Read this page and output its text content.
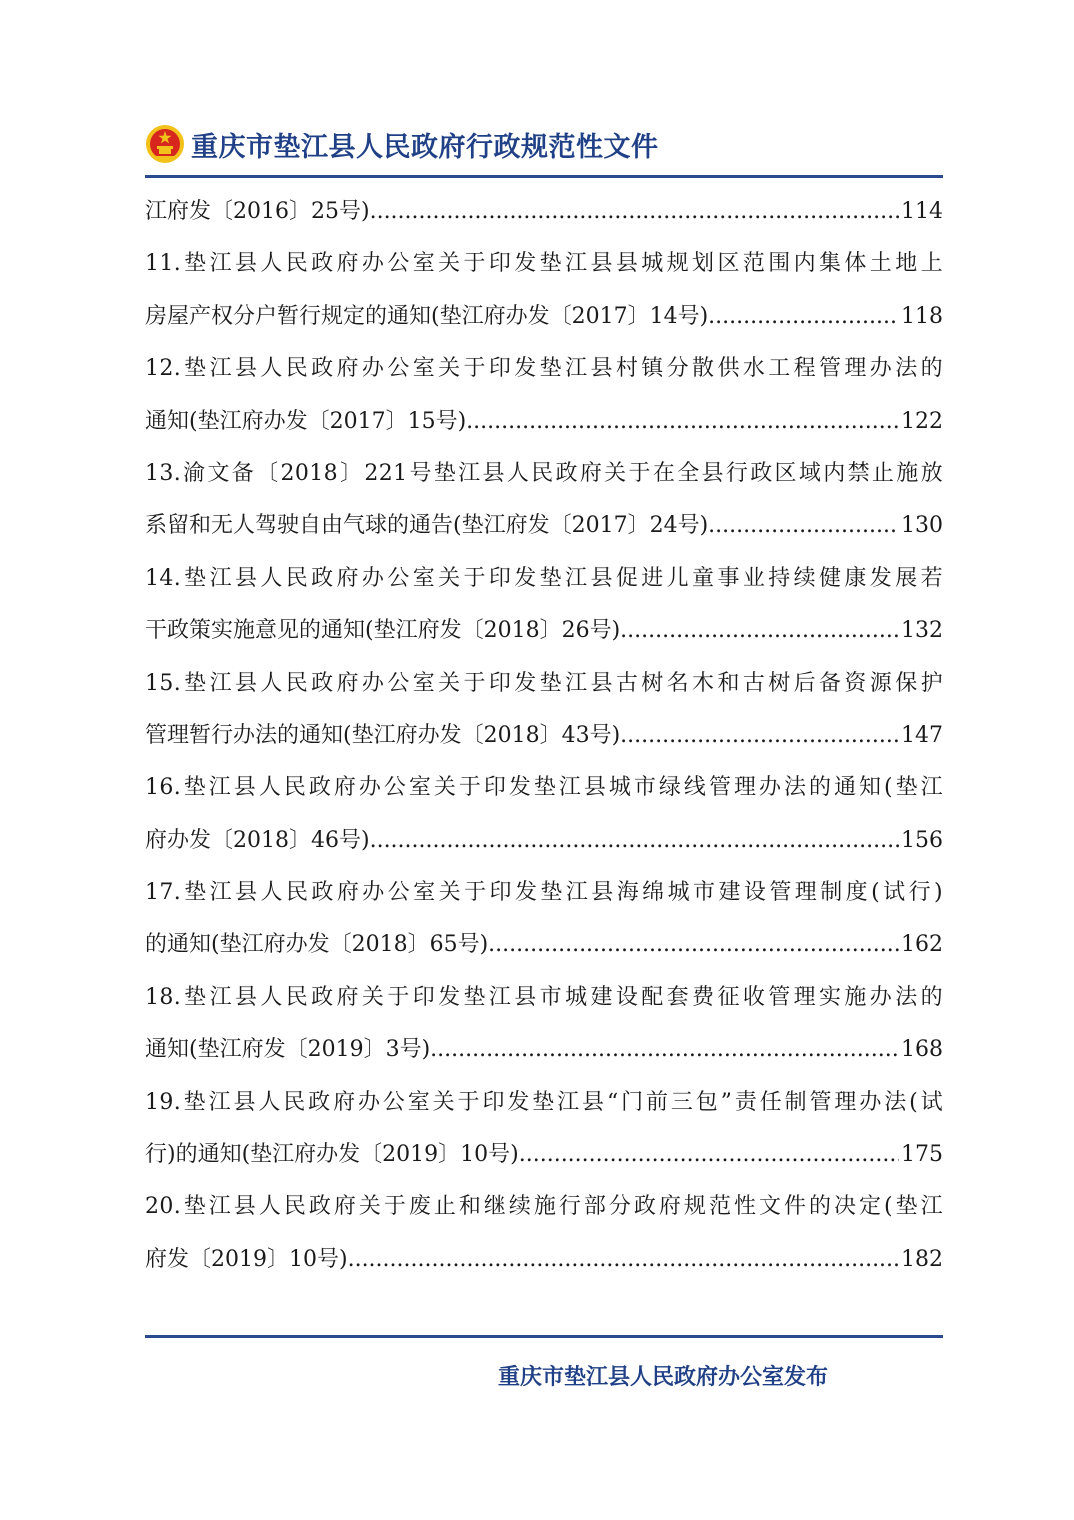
重庆市垫江县人民政府行政规范性文件
江府发〔2016〕25号) .....	114
11.垫江县人民政府办公室关于印发垫江县县城规划区范围内集体土地上
房屋产权分户暂行规定的通知(垫江府办发〔2017〕14号) .....	118
12.垫江县人民政府办公室关于印发垫江县村镇分散供水工程管理办法的
通知(垫江府办发〔2017〕15号) .....	122
13.渝文备〔2018〕221号垫江县人民政府关于在全县行政区域内禁止施放
系留和无人驾驶自由气球的通告(垫江府发〔2017〕24号) .....	130
14.垫江县人民政府办公室关于印发垫江县促进儿童事业持续健康发展若
干政策实施意见的通知(垫江府发〔2018〕26号) .....	132
15.垫江县人民政府办公室关于印发垫江县古树名木和古树后备资源保护
管理暂行办法的通知(垫江府办发〔2018〕43号) .....	147
16.垫江县人民政府办公室关于印发垫江县城市绿线管理办法的通知(垫江
府办发〔2018〕46号) .....	156
17.垫江县人民政府办公室关于印发垫江县海绵城市建设管理制度(试行)
的通知(垫江府办发〔2018〕65号) .....	162
18.垫江县人民政府关于印发垫江县市城建设配套费征收管理实施办法的
通知(垫江府发〔2019〕3号) .....	168
19.垫江县人民政府办公室关于印发垫江县“门前三包”责任制管理办法(试
行)的通知(垫江府办发〔2019〕10号) .....	175
20.垫江县人民政府关于废止和继续施行部分政府规范性文件的决定(垫江
府发〔2019〕10号) .....	182
重庆市垫江县人民政府办公室发布
